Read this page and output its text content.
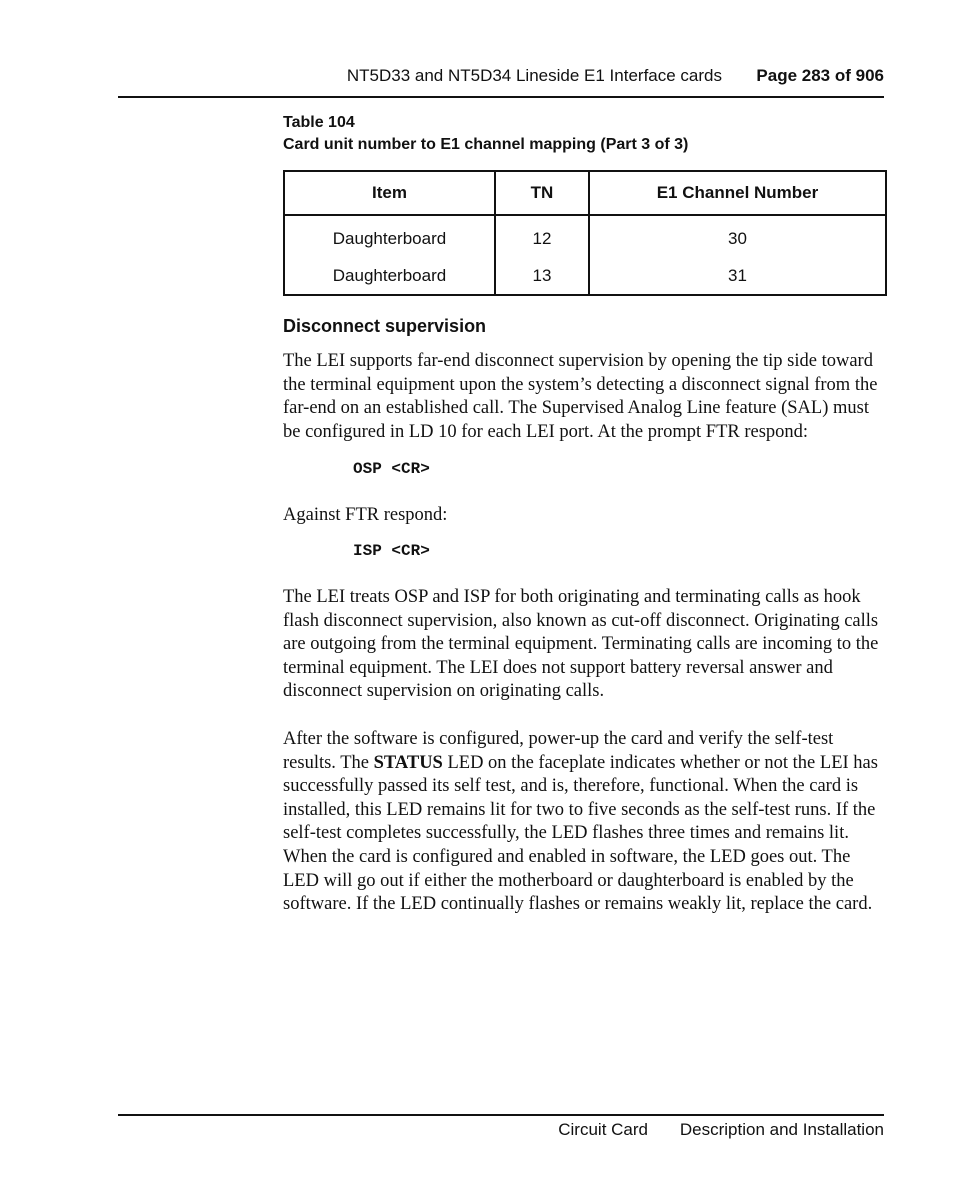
NT5D33 and NT5D34 Lineside E1 Interface cards Page 283 of 906
Table 104
Card unit number to E1 channel mapping (Part 3 of 3)
Item	TN	E1 Channel Number
Daughterboard	12	30
Daughterboard	13	31
Disconnect supervision

The LEI supports far-end disconnect supervision by opening the tip side toward the terminal equipment upon the system’s detecting a disconnect signal from the far-end on an established call. The Supervised Analog Line feature (SAL) must be configured in LD 10 for each LEI port. At the prompt FTR respond:

OSP <CR>

Against FTR respond:

ISP <CR>

The LEI treats OSP and ISP for both originating and terminating calls as hook flash disconnect supervision, also known as cut-off disconnect. Originating calls are outgoing from the terminal equipment. Terminating calls are incoming to the terminal equipment. The LEI does not support battery reversal answer and disconnect supervision on originating calls.

After the software is configured, power-up the card and verify the self-test results. The STATUS LED on the faceplate indicates whether or not the LEI has successfully passed its self test, and is, therefore, functional. When the card is installed, this LED remains lit for two to five seconds as the self-test runs. If the self-test completes successfully, the LED flashes three times and remains lit. When the card is configured and enabled in software, the LED goes out. The LED will go out if either the motherboard or daughterboard is enabled by the software. If the LED continually flashes or remains weakly lit, replace the card.

Circuit Card Description and Installation
